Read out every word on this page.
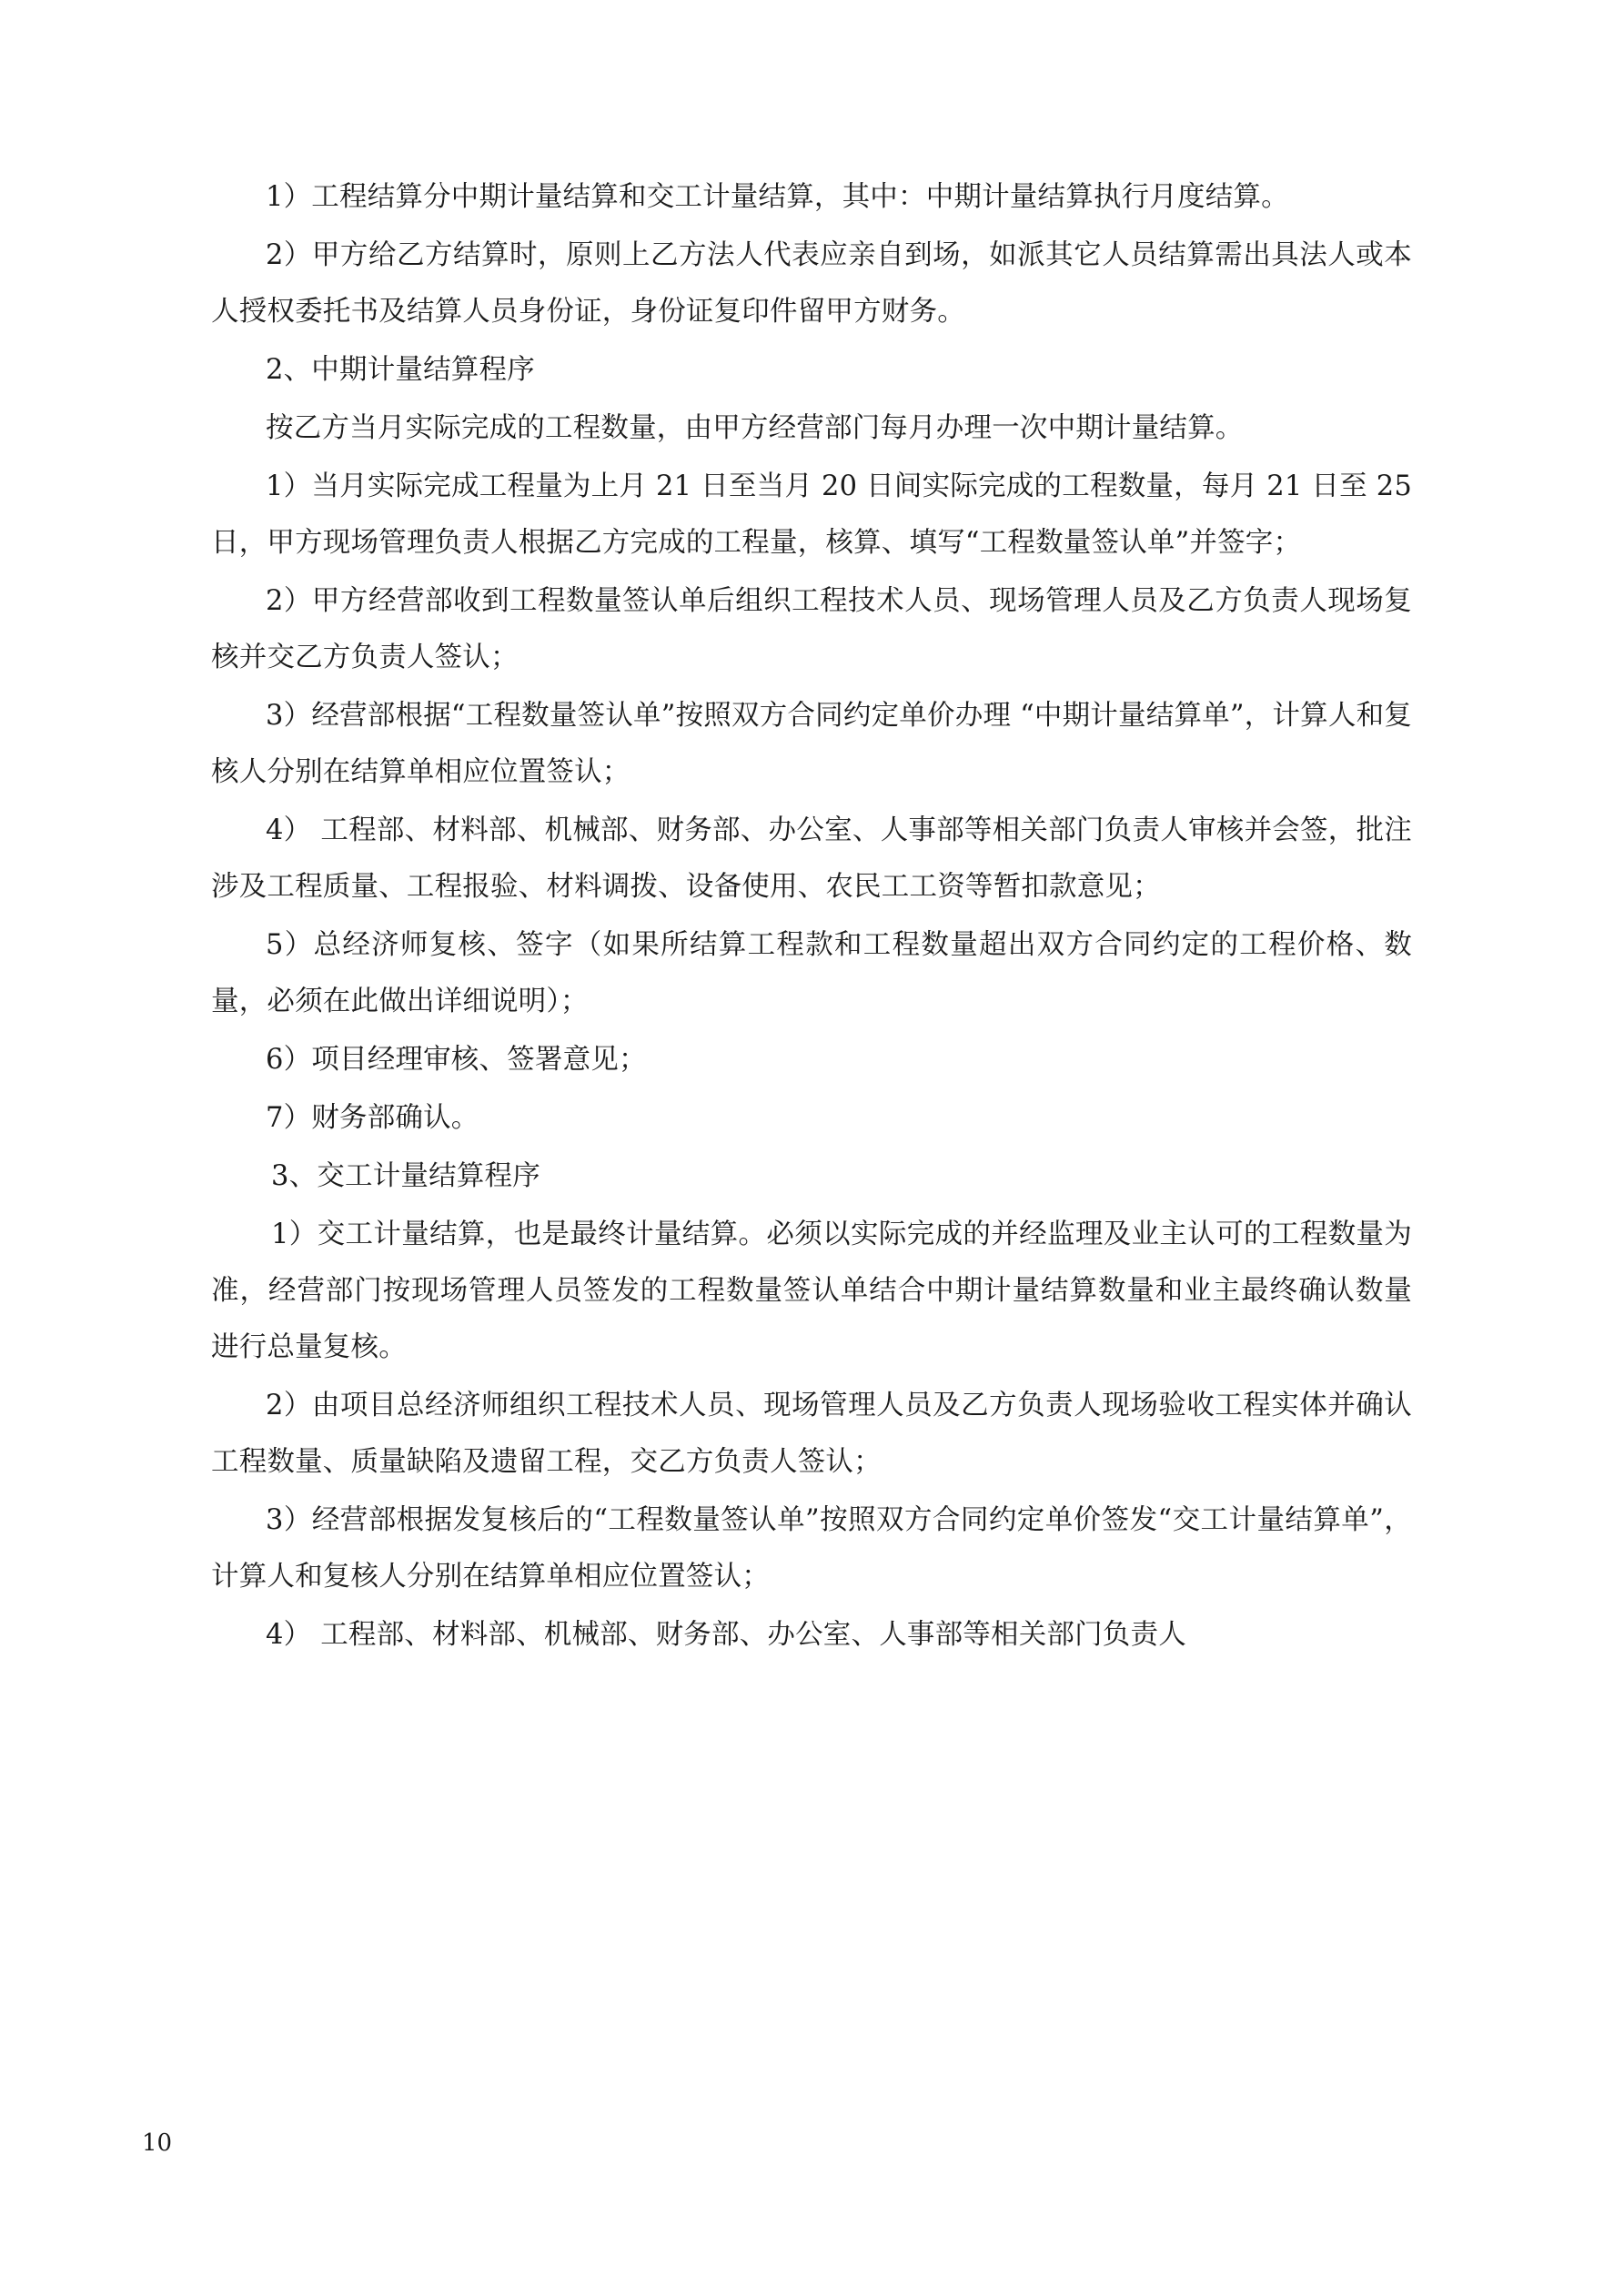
1）工程结算分中期计量结算和交工计量结算，其中：中期计量结算执行月度结算。

2）甲方给乙方结算时，原则上乙方法人代表应亲自到场，如派其它人员结算需出具法人或本人授权委托书及结算人员身份证，身份证复印件留甲方财务。

2、中期计量结算程序

按乙方当月实际完成的工程数量，由甲方经营部门每月办理一次中期计量结算。

1）当月实际完成工程量为上月 21 日至当月 20 日间实际完成的工程数量，每月 21 日至 25 日，甲方现场管理负责人根据乙方完成的工程量，核算、填写“工程数量签认单”并签字；

2）甲方经营部收到工程数量签认单后组织工程技术人员、现场管理人员及乙方负责人现场复核并交乙方负责人签认；

3）经营部根据“工程数量签认单”按照双方合同约定单价办理 “中期计量结算单”，计算人和复核人分别在结算单相应位置签认；

4） 工程部、材料部、机械部、财务部、办公室、人事部等相关部门负责人审核并会签，批注涉及工程质量、工程报验、材料调拨、设备使用、农民工工资等暂扣款意见；

5）总经济师复核、签字（如果所结算工程款和工程数量超出双方合同约定的工程价格、数量，必须在此做出详细说明）；

6）项目经理审核、签署意见；

7）财务部确认。

3、交工计量结算程序

1）交工计量结算，也是最终计量结算。必须以实际完成的并经监理及业主认可的工程数量为准，经营部门按现场管理人员签发的工程数量签认单结合中期计量结算数量和业主最终确认数量进行总量复核。

2）由项目总经济师组织工程技术人员、现场管理人员及乙方负责人现场验收工程实体并确认工程数量、质量缺陷及遗留工程，交乙方负责人签认；

3）经营部根据发复核后的“工程数量签认单”按照双方合同约定单价签发“交工计量结算单”，计算人和复核人分别在结算单相应位置签认；

4） 工程部、材料部、机械部、财务部、办公室、人事部等相关部门负责人

10
